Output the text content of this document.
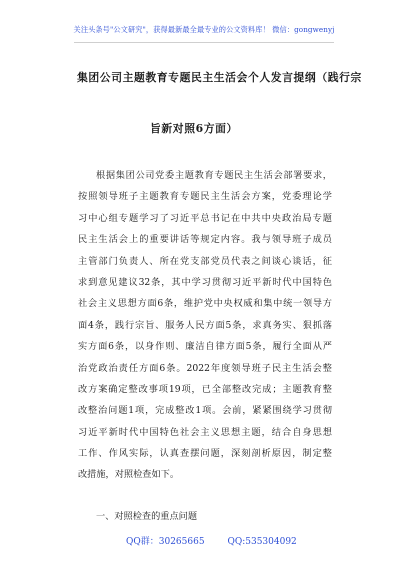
关注头条号"公文研究"，获得最新最全最专业的公文资料库！ 微信：gongwenyj
集团公司主题教育专题民主生活会个人发言提纲（践行宗
旨新对照6方面）
根据集团公司党委主题教育专题民主生活会部署要求，
按照领导班子主题教育专题民主生活会方案，党委理论学
习中心组专题学习了习近平总书记在中共中央政治局专题
民主生活会上的重要讲话等规定内容。我与领导班子成员
主管部门负责人、所在党支部党员代表之间谈心谈话，征
求到意见建议32条，其中学习贯彻习近平新时代中国特色
社会主义思想方面6条，维护党中央权威和集中统一领导方
面4条，践行宗旨、服务人民方面5条，求真务实、狠抓落
实方面6条，以身作则、廉洁自律方面5条，履行全面从严
治党政治责任方面6条。2022年度领导班子民主生活会整
改方案确定整改事项19项，已全部整改完成；主题教育整
改整治问题1项，完成整改1项。会前，紧紧围绕学习贯彻
习近平新时代中国特色社会主义思想主题，结合自身思想
工作、作风实际，认真查摆问题，深刻剖析原因，制定整
改措施，对照检查如下。
一、对照检查的重点问题
QQ群：30265665	QQ:535304092
